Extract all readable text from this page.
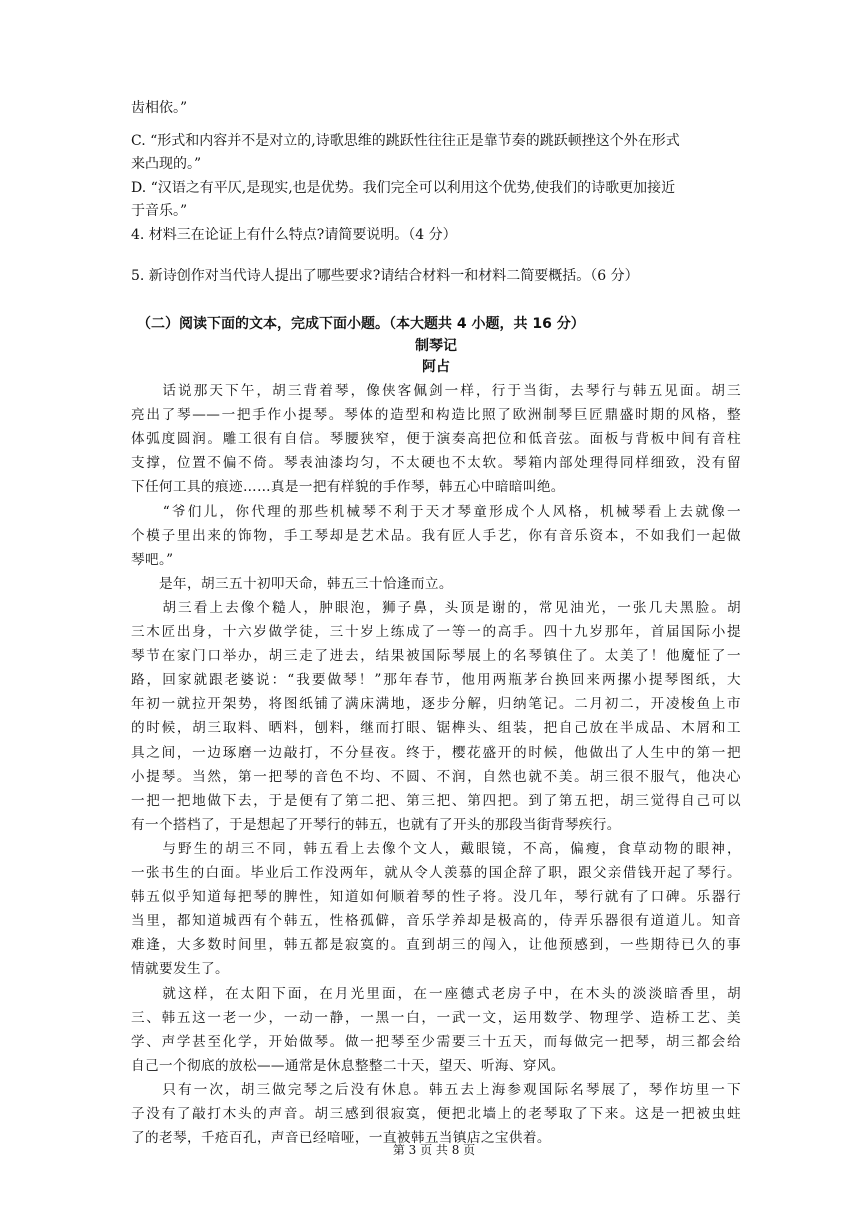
齿相依。”
C. “形式和内容并不是对立的,诗歌思维的跳跃性往往正是靠节奏的跳跃顿挫这个外在形式
来凸现的。”
D. “汉语之有平仄,是现实,也是优势。我们完全可以利用这个优势,使我们的诗歌更加接近
于音乐。”
4. 材料三在论证上有什么特点?请简要说明。（4 分）
5. 新诗创作对当代诗人提出了哪些要求?请结合材料一和材料二简要概括。（6 分）
（二）阅读下面的文本，完成下面小题。（本大题共 4 小题，共 16 分）
制琴记
阿占
　　话说那天下午，胡三背着琴，像侠客佩剑一样，行于当街，去琴行与韩五见面。胡三
亮出了琴——一把手作小提琴。琴体的造型和构造比照了欧洲制琴巨匠鼎盛时期的风格，整
体弧度圆润。雕工很有自信。琴腰狭窄，便于演奏高把位和低音弦。面板与背板中间有音柱
支撑，位置不偏不倚。琴表油漆均匀，不太硬也不太软。琴箱内部处理得同样细致，没有留
下任何工具的痕迹……真是一把有样貌的手作琴，韩五心中暗暗叫绝。
　　“爷们儿，你代理的那些机械琴不利于天才琴童形成个人风格，机械琴看上去就像一
个模子里出来的饰物，手工琴却是艺术品。我有匠人手艺，你有音乐资本，不如我们一起做
琴吧。”
　　是年，胡三五十初叩天命，韩五三十恰逢而立。
　　胡三看上去像个糙人，肿眼泡，狮子鼻，头顶是谢的，常见油光，一张几夫黑脸。胡
三木匠出身，十六岁做学徒，三十岁上练成了一等一的高手。四十九岁那年，首届国际小提
琴节在家门口举办，胡三走了进去，结果被国际琴展上的名琴镇住了。太美了！他魔怔了一
路，回家就跟老婆说：“我要做琴！”那年春节，他用两瓶茅台换回来两摞小提琴图纸，大
年初一就拉开架势，将图纸铺了满床满地，逐步分解，归纳笔记。二月初二，开凌梭鱼上市
的时候，胡三取料、晒料，刨料，继而打眼、锯榫头、组装，把自己放在半成品、木屑和工
具之间，一边琢磨一边敲打，不分昼夜。终于，樱花盛开的时候，他做出了人生中的第一把
小提琴。当然，第一把琴的音色不均、不圆、不润，自然也就不美。胡三很不服气，他决心
一把一把地做下去，于是便有了第二把、第三把、第四把。到了第五把，胡三觉得自己可以
有一个搭档了，于是想起了开琴行的韩五，也就有了开头的那段当街背琴疾行。
　　与野生的胡三不同，韩五看上去像个文人，戴眼镜，不高，偏瘦，食草动物的眼神，
一张书生的白面。毕业后工作没两年，就从令人羡慕的国企辞了职，跟父亲借钱开起了琴行。
韩五似乎知道每把琴的脾性，知道如何顺着琴的性子将。没几年，琴行就有了口碑。乐器行
当里，都知道城西有个韩五，性格孤僻，音乐学养却是极高的，侍弄乐器很有道道儿。知音
难逢，大多数时间里，韩五都是寂寞的。直到胡三的闯入，让他预感到，一些期待已久的事
情就要发生了。
　　就这样，在太阳下面，在月光里面，在一座德式老房子中，在木头的淡淡暗香里，胡
三、韩五这一老一少，一动一静，一黑一白，一武一文，运用数学、物理学、造桥工艺、美
学、声学甚至化学，开始做琴。做一把琴至少需要三十五天，而每做完一把琴，胡三都会给
自己一个彻底的放松——通常是休息整整二十天，望天、听海、穿风。
　　只有一次，胡三做完琴之后没有休息。韩五去上海参观国际名琴展了，琴作坊里一下
子没有了敲打木头的声音。胡三感到很寂寞，便把北墙上的老琴取了下来。这是一把被虫蛀
了的老琴，千疮百孔，声音已经喑哑，一直被韩五当镇店之宝供着。
第 3 页 共 8 页
